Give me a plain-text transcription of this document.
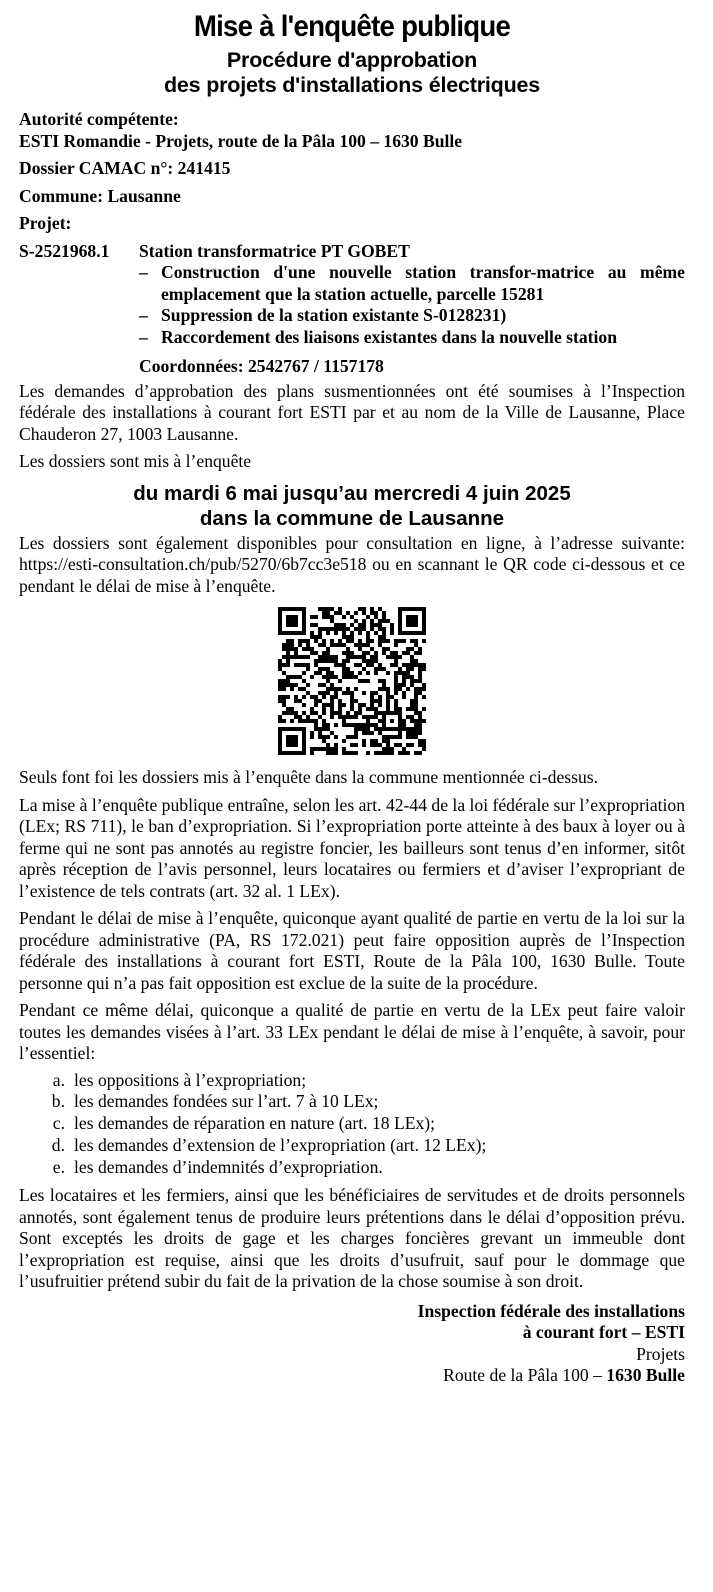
Mise à l'enquête publique
Procédure d'approbation
des projets d'installations électriques
Autorité compétente:
ESTI Romandie - Projets, route de la Pâla 100 – 1630 Bulle

Dossier CAMAC n°: 241415

Commune: Lausanne

Projet:

S-2521968.1	Station transformatrice PT GOBET
– Construction d'une nouvelle station transfor-matrice au même emplacement que la station actuelle, parcelle 15281
– Suppression de la station existante S-0128231)
– Raccordement des liaisons existantes dans la nouvelle station
Coordonnées: 2542767 / 1157178

Les demandes d’approbation des plans susmentionnées ont été soumises à l’Inspection fédérale des installations à courant fort ESTI par et au nom de la Ville de Lausanne, Place Chauderon 27, 1003 Lausanne.

Les dossiers sont mis à l’enquête

du mardi 6 mai jusqu’au mercredi 4 juin 2025
dans la commune de Lausanne

Les dossiers sont également disponibles pour consultation en ligne, à l’adresse suivante: https://esti-consultation.ch/pub/5270/6b7cc3e518 ou en scannant le QR code ci-dessous et ce pendant le délai de mise à l’enquête.

Seuls font foi les dossiers mis à l’enquête dans la commune mentionnée ci-dessus.

La mise à l’enquête publique entraîne, selon les art. 42-44 de la loi fédérale sur l’expropriation (LEx; RS 711), le ban d’expropriation. Si l’expropriation porte atteinte à des baux à loyer ou à ferme qui ne sont pas annotés au registre foncier, les bailleurs sont tenus d’en informer, sitôt après réception de l’avis personnel, leurs locataires ou fermiers et d’aviser l’expropriant de l’existence de tels contrats (art. 32 al. 1 LEx).

Pendant le délai de mise à l’enquête, quiconque ayant qualité de partie en vertu de la loi sur la procédure administrative (PA, RS 172.021) peut faire opposition auprès de l’Inspection fédérale des installations à courant fort ESTI, Route de la Pâla 100, 1630 Bulle. Toute personne qui n’a pas fait opposition est exclue de la suite de la procédure.

Pendant ce même délai, quiconque a qualité de partie en vertu de la LEx peut faire valoir toutes les demandes visées à l’art. 33 LEx pendant le délai de mise à l’enquête, à savoir, pour l’essentiel:

a. les oppositions à l’expropriation;
b. les demandes fondées sur l’art. 7 à 10 LEx;
c. les demandes de réparation en nature (art. 18 LEx);
d. les demandes d’extension de l’expropriation (art. 12 LEx);
e. les demandes d’indemnités d’expropriation.

Les locataires et les fermiers, ainsi que les bénéficiaires de servitudes et de droits personnels annotés, sont également tenus de produire leurs prétentions dans le délai d’opposition prévu. Sont exceptés les droits de gage et les charges foncières grevant un immeuble dont l’expropriation est requise, ainsi que les droits d’usufruit, sauf pour le dommage que l’usufruitier prétend subir du fait de la privation de la chose soumise à son droit.

Inspection fédérale des installations
à courant fort – ESTI
Projets
Route de la Pâla 100 – 1630 Bulle
